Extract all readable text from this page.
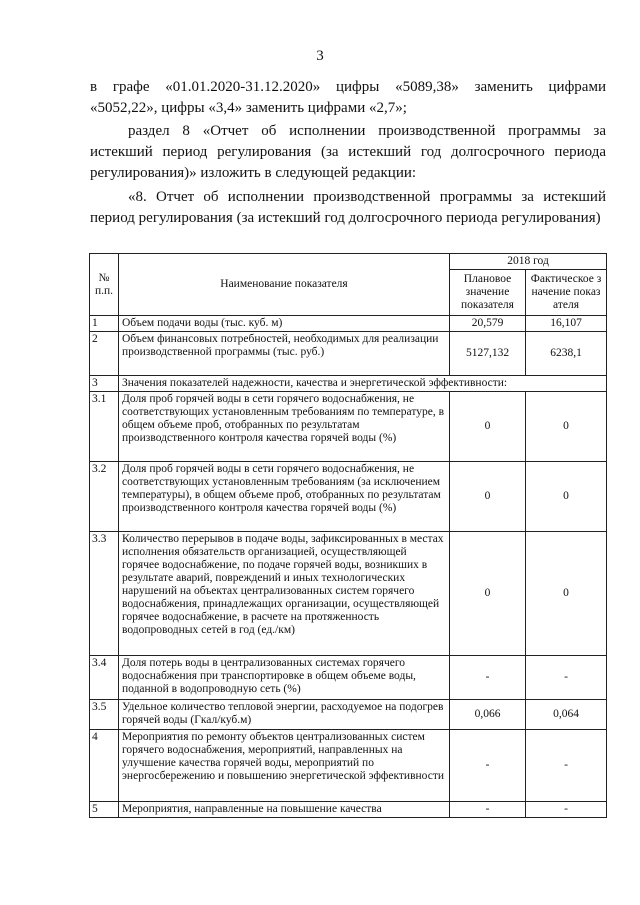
3
в графе «01.01.2020-31.12.2020» цифры «5089,38» заменить цифрами
«5052,22», цифры «3,4» заменить цифрами «2,7»;
раздел 8 «Отчет об исполнении производственной программы за истекший период регулирования (за истекший год долгосрочного периода регулирования)» изложить в следующей редакции:
«8. Отчет об исполнении производственной программы за истекший период регулирования (за истекший год долгосрочного периода регулирования)
№ п.п.	Наименование показателя	2018 год	
		Плановое значение показателя	Фактическое значение показателя
1	Объем подачи воды (тыс. куб. м)	20,579	16,107
2	Объем финансовых потребностей, необходимых для реализации производственной программы (тыс. руб.)	5127,132	6238,1
3	Значения показателей надежности, качества и энергетической эффективности:		
3.1	Доля проб горячей воды в сети горячего водоснабжения, не соответствующих установленным требованиям по температуре, в общем объеме проб, отобранных по результатам производственного контроля качества горячей воды (%)	0	0
3.2	Доля проб горячей воды в сети горячего водоснабжения, не соответствующих установленным требованиям (за исключением температуры), в общем объеме проб, отобранных по результатам производственного контроля качества горячей воды (%)	0	0
3.3	Количество перерывов в подаче воды, зафиксированных в местах исполнения обязательств организацией, осуществляющей горячее водоснабжение, по подаче горячей воды, возникших в результате аварий, повреждений и иных технологических нарушений на объектах централизованных систем горячего водоснабжения, принадлежащих организации, осуществляющей горячее водоснабжение, в расчете на протяженность водопроводных сетей в год (ед./км)	0	0
3.4	Доля потерь воды в централизованных системах горячего водоснабжения при транспортировке в общем объеме воды, поданной в водопроводную сеть (%)	-	-
3.5	Удельное количество тепловой энергии, расходуемое на подогрев горячей воды (Гкал/куб.м)	0,066	0,064
4	Мероприятия по ремонту объектов централизованных систем горячего водоснабжения, мероприятий, направленных на улучшение качества горячей воды, мероприятий по энергосбережению и повышению энергетической эффективности	-	-
5	Мероприятия, направленные на повышение качества	-	-
